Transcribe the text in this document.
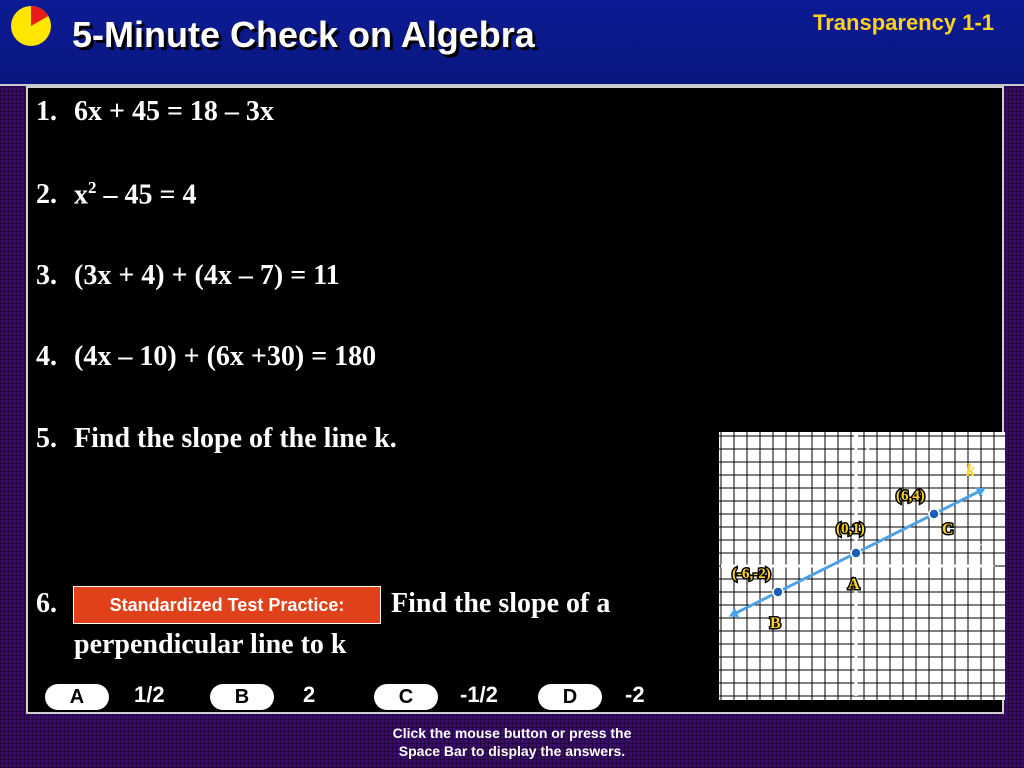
5-Minute Check on Algebra	Transparency 1-1
1. 6x + 45 = 18 – 3x
2. $x^2 - 45 = 4$
3. (3x + 4) + (4x – 7) = 11
4. (4x – 10) + (6x +30) = 180
5. Find the slope of the line k.
6.	Standardized Test Practice:	Find the slope of a
perpendicular line to k
A	1/2	B	2	C	-1/2	D	-2
y
x
k
(6,4)
C
(0,1)
A
(-6,-2)
B
Click the mouse button or press the
Space Bar to display the answers.
